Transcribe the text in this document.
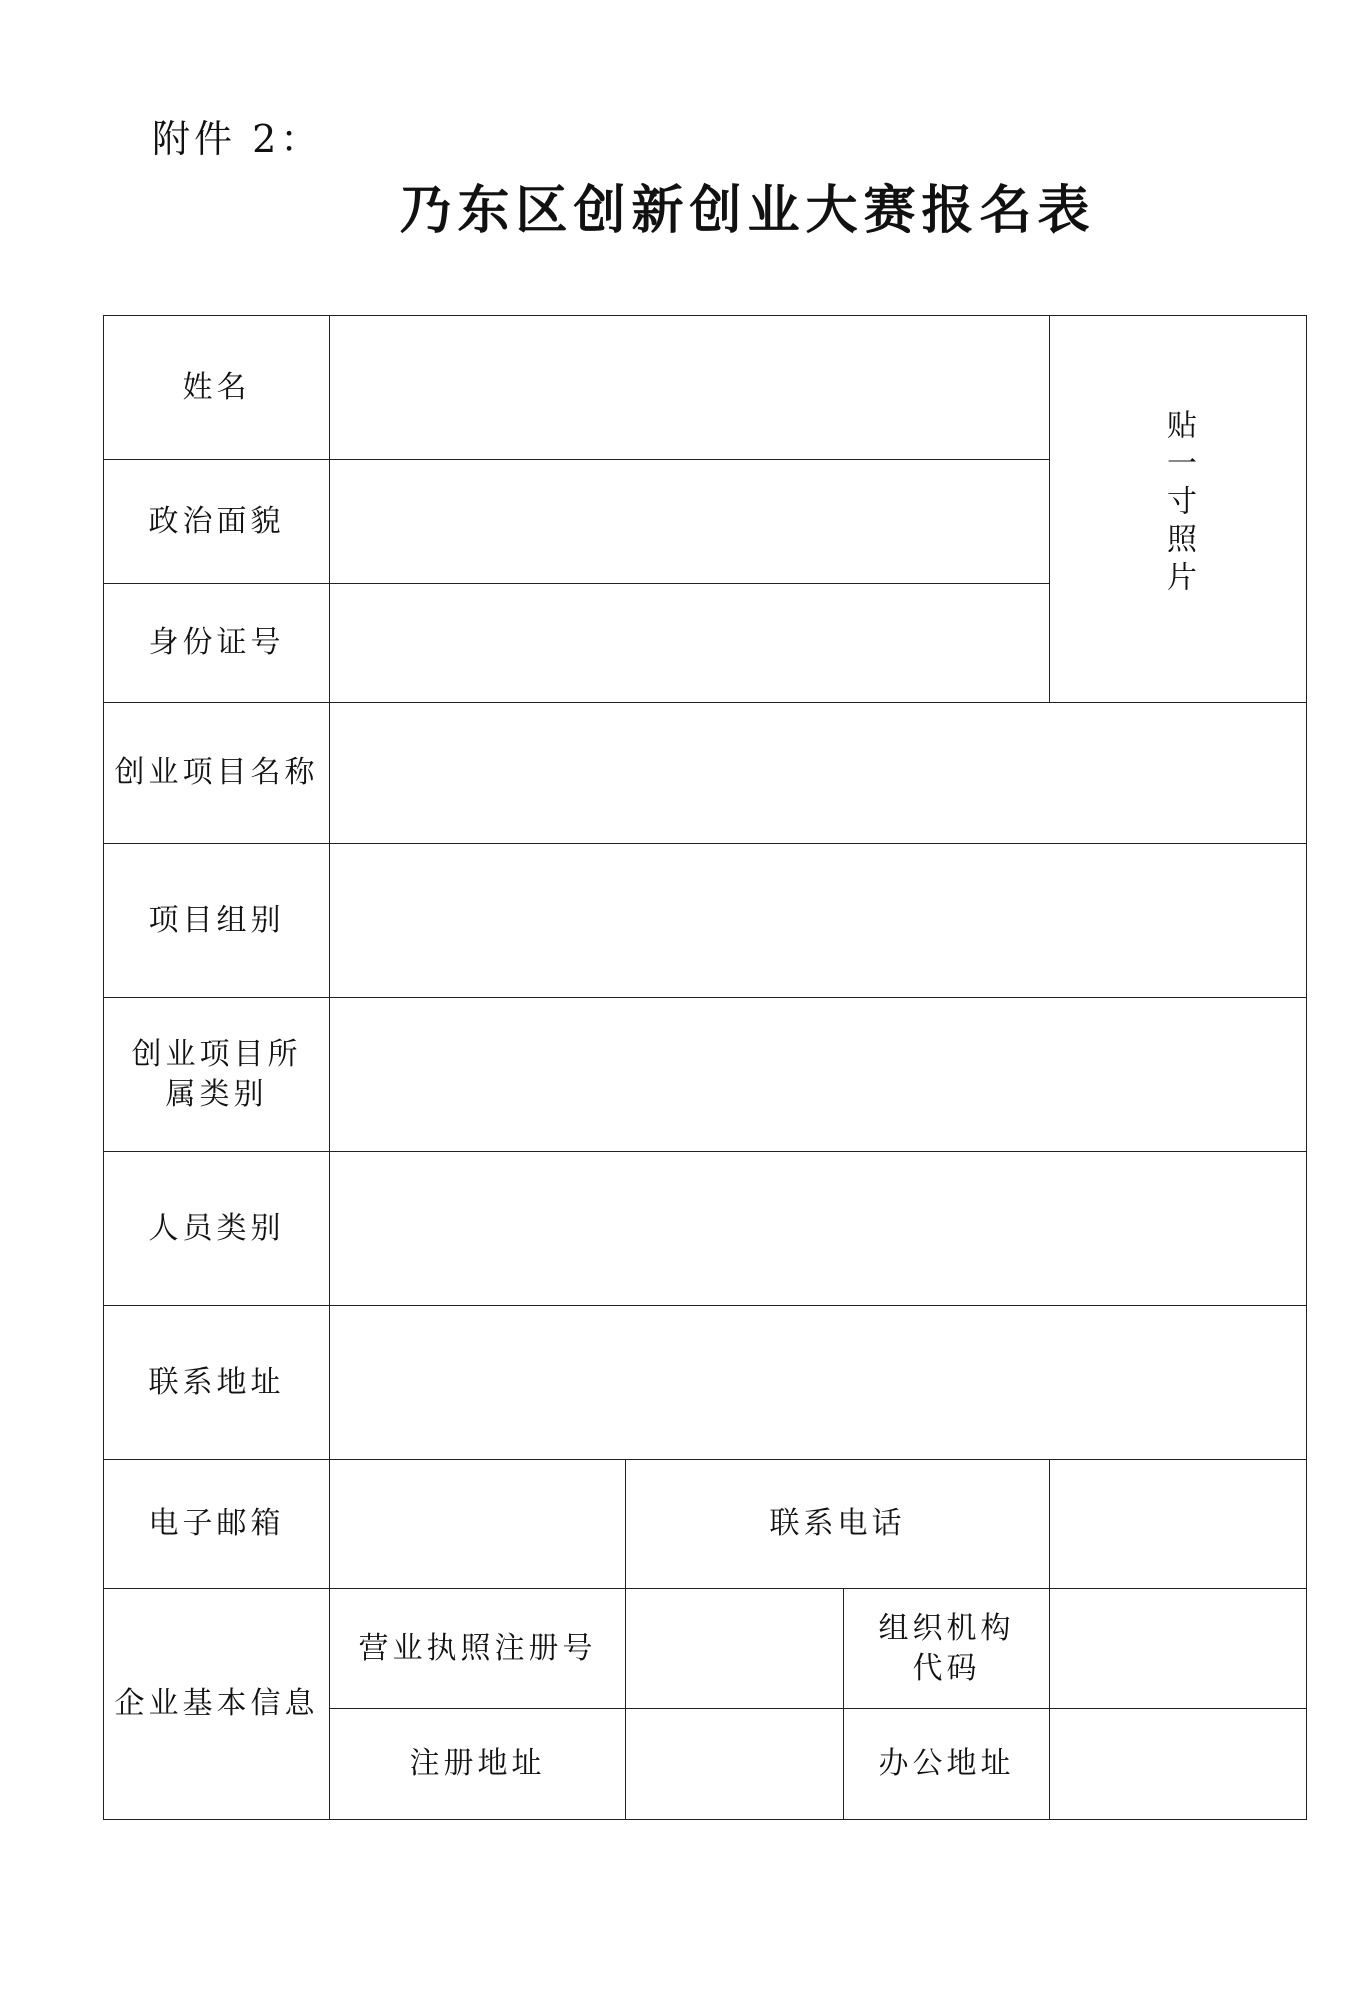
附件 2：
乃东区创新创业大赛报名表
姓名				贴一寸照片
政治面貌				

身份证号				

创业项目名称				

项目组别				

创业项目所属类别				

人员类别				

联系地址				

电子邮箱		联系电话		

企业基本信息	营业执照注册号		组织机构代码	

	注册地址		办公地址	
